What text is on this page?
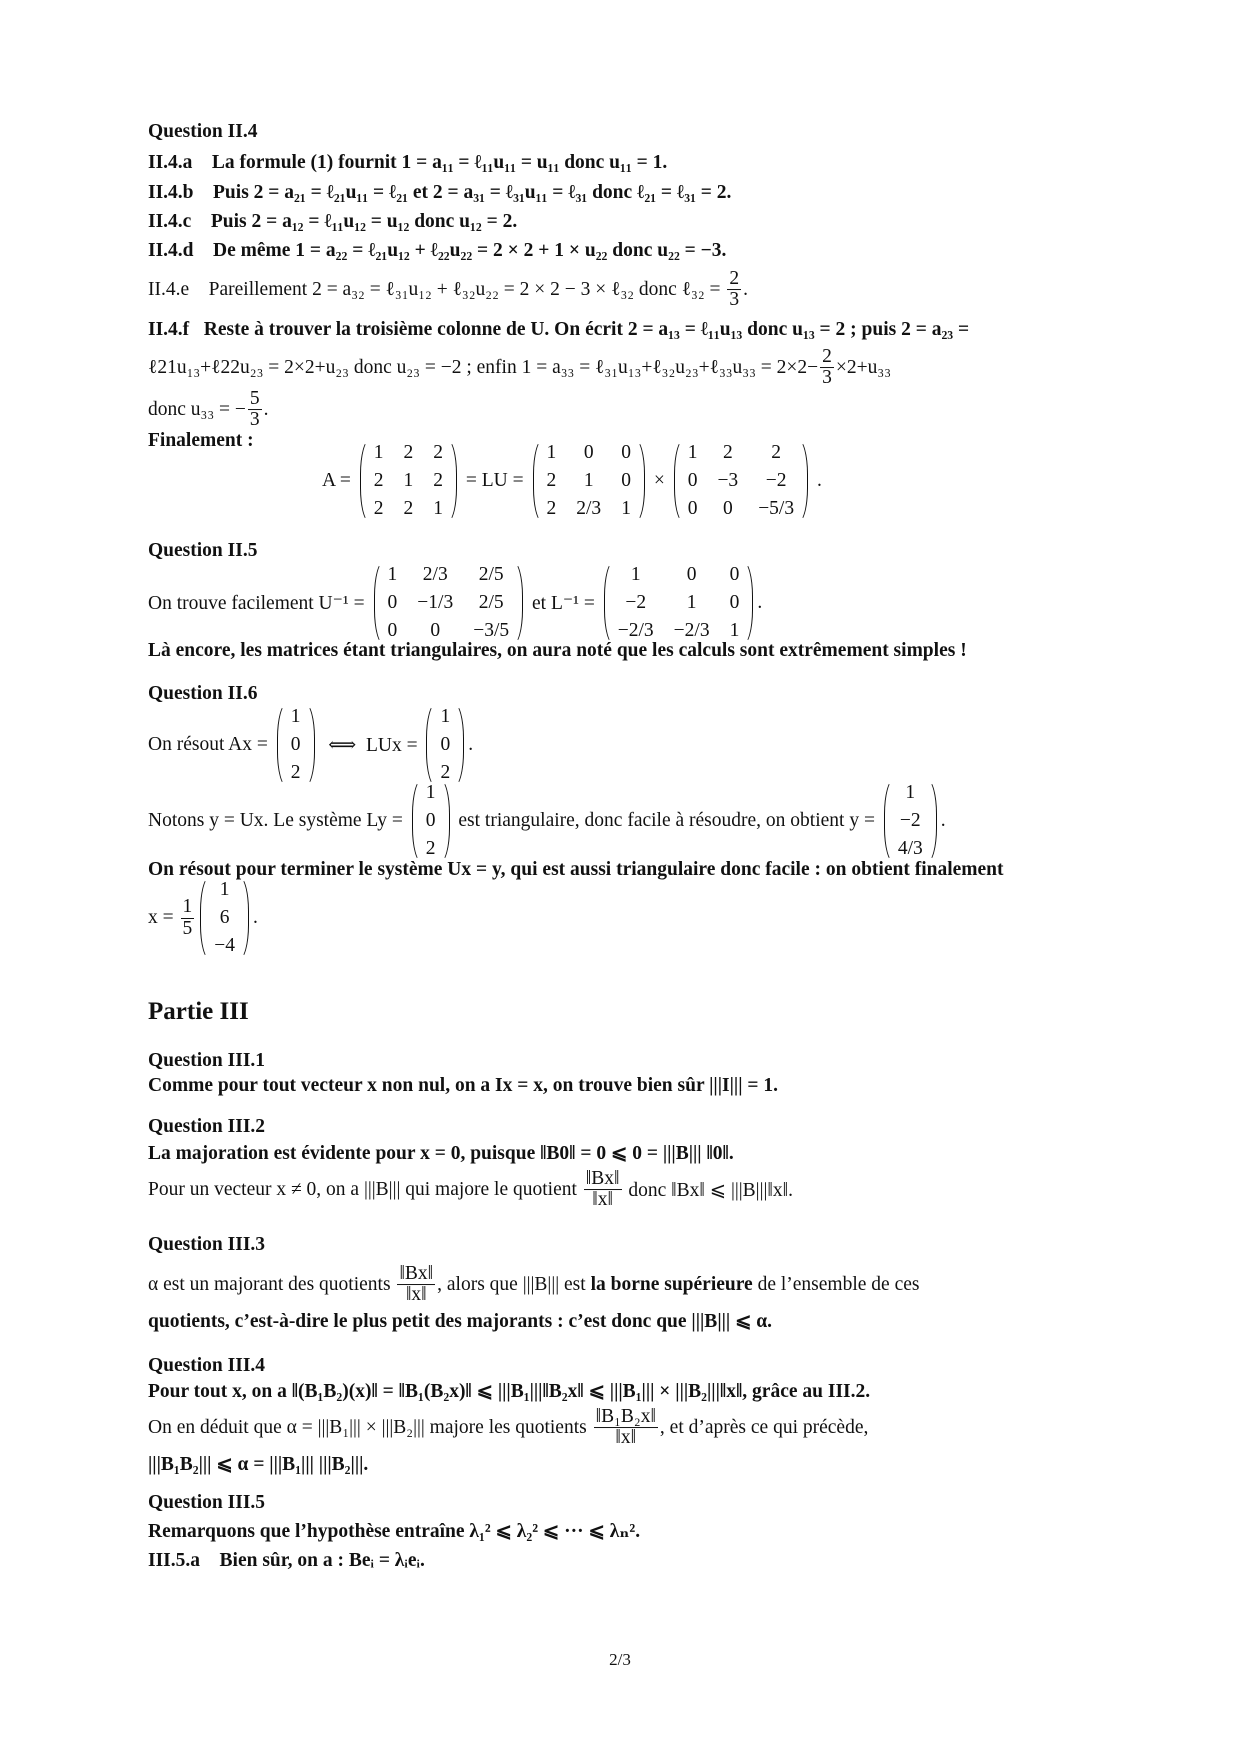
Question II.4
II.4.a    La formule (1) fournit 1 = a₁₁ = ℓ₁₁u₁₁ = u₁₁ donc u₁₁ = 1.
II.4.b    Puis 2 = a₂₁ = ℓ₂₁u₁₁ = ℓ₂₁ et 2 = a₃₁ = ℓ₃₁u₁₁ = ℓ₃₁ donc ℓ₂₁ = ℓ₃₁ = 2.
II.4.c    Puis 2 = a₁₂ = ℓ₁₁u₁₂ = u₁₂ donc u₁₂ = 2.
II.4.d    De même 1 = a₂₂ = ℓ₂₁u₁₂ + ℓ₂₂u₂₂ = 2 × 2 + 1 × u₂₂ donc u₂₂ = −3.
II.4.e    Pareillement 2 = a₃₂ = ℓ₃₁u₁₂ + ℓ₃₂u₂₂ = 2 × 2 − 3 × ℓ₃₂ donc ℓ₃₂ = $\frac{2}{3}$ .
II.4.f   Reste à trouver la troisième colonne de U. On écrit 2 = a₁₃ = ℓ₁₁u₁₃ donc u₁₃ = 2 ; puis 2 = a₂₃ =
ℓ21u₁₃+ℓ22u₂₃ = 2×2+u₂₃ donc u₂₃ = −2 ; enfin 1 = a₃₃ = ℓ₃₁u₁₃+ℓ₃₂u₂₃+ℓ₃₃u₃₃ = $2\times 2- \frac{2}{3} \times 2+u_{33}$
donc u₃₃ = − $\frac{5}{3}$ .
Finalement :
A =
1 2 2
2 1 2
2 2 1
= LU =
1 0 0
2 1 0
2 2/3 1
×
1 2 2
0 −3 −2
0 0 −5/3
.
Question II.5
On trouve facilement U⁻¹ =
1 2/3 2/5
0 −1/3 2/5
0 0 −3/5
et L⁻¹ =
1 0 0
−2 1 0
−2/3 −2/3 1
.
Là encore, les matrices étant triangulaires, on aura noté que les calculs sont extrêmement simples !
Question II.6
On résout Ax =
1
0
2
⟺  LUx =
1
0
2
.
Notons y = Ux. Le système Ly =
1
0
2
est triangulaire, donc facile à résoudre, on obtient y =
1
−2
4/3
.
On résout pour terminer le système Ux = y, qui est aussi triangulaire donc facile : on obtient finalement
$x = \frac{1}{5}$
1
6
−4
.
Partie III
Question III.1
Comme pour tout vecteur x non nul, on a Ix = x, on trouve bien sûr |||I||| = 1.
Question III.2
La majoration est évidente pour x = 0, puisque ‖B0‖ = 0 ⩽ 0 = |||B||| ‖0‖.
Pour un vecteur x ≠ 0, on a |||B||| qui majore le quotient $\frac{‖Bx‖}{‖x‖}$ donc ‖Bx‖ ⩽ |||B|||‖x‖.
Question III.3
α est un majorant des quotients $\frac{‖Bx‖}{‖x‖}$ , alors que |||B||| est la borne supérieure de l’ensemble de ces
quotients, c’est-à-dire le plus petit des majorants : c’est donc que |||B||| ⩽ α.
Question III.4
Pour tout x, on a ‖(B₁B₂)(x)‖ = ‖B₁(B₂x)‖ ⩽ |||B₁|||‖B₂x‖ ⩽ |||B₁||| × |||B₂|||‖x‖, grâce au III.2.
On en déduit que α = |||B₁||| × |||B₂||| majore les quotients $\frac{\text{‖B₁B₂x‖}}{‖x‖}$ , et d’après ce qui précède,
|||B₁B₂||| ⩽ α = |||B₁||| |||B₂|||.
Question III.5
Remarquons que l’hypothèse entraîne λ₁² ⩽ λ₂² ⩽ ··· ⩽ λₙ².
III.5.a    Bien sûr, on a : Beᵢ = λᵢeᵢ.
2/3
